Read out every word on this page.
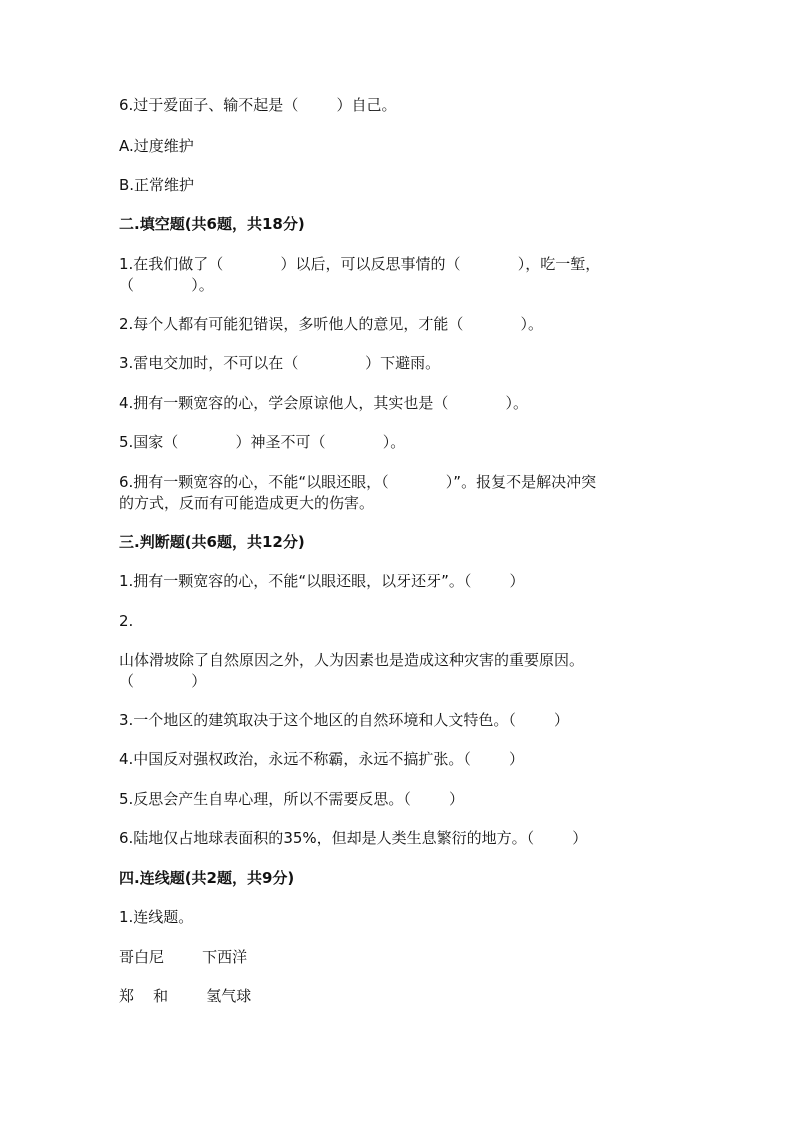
6.过于爱面子、输不起是（        ）自己。
A.过度维护
B.正常维护
二.填空题(共6题，共18分)
1.在我们做了（            ）以后，可以反思事情的（            ），吃一堑，
（            ）。
2.每个人都有可能犯错误，多听他人的意见，才能（            ）。
3.雷电交加时，不可以在（              ）下避雨。
4.拥有一颗宽容的心，学会原谅他人，其实也是（            ）。
5.国家（            ）神圣不可（            ）。
6.拥有一颗宽容的心，不能“以眼还眼，（            ）”。报复不是解决冲突
的方式，反而有可能造成更大的伤害。
三.判断题(共6题，共12分)
1.拥有一颗宽容的心，不能“以眼还眼，以牙还牙”。（        ）
2.
山体滑坡除了自然原因之外，人为因素也是造成这种灾害的重要原因。
（            ）
3.一个地区的建筑取决于这个地区的自然环境和人文特色。（        ）
4.中国反对强权政治，永远不称霸，永远不搞扩张。（        ）
5.反思会产生自卑心理，所以不需要反思。（        ）
6.陆地仅占地球表面积的35%，但却是人类生息繁衍的地方。（        ）
四.连线题(共2题，共9分)
1.连线题。
哥白尼        下西洋
郑    和        氢气球
